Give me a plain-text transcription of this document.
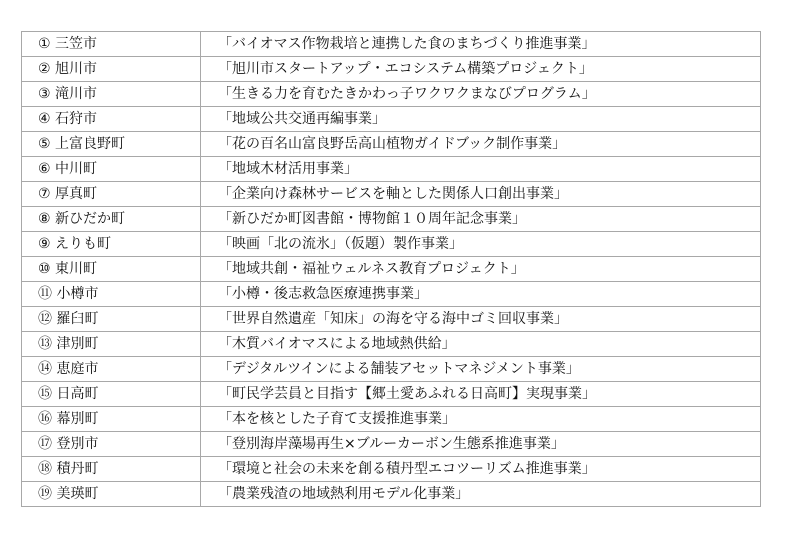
① 三笠市	「バイオマス作物栽培と連携した食のまちづくり推進事業」
② 旭川市	「旭川市スタートアップ・エコシステム構築プロジェクト」
③ 滝川市	「生きる力を育むたきかわっ子ワクワクまなびプログラム」
④ 石狩市	「地域公共交通再編事業」
⑤ 上富良野町	「花の百名山富良野岳高山植物ガイドブック制作事業」
⑥ 中川町	「地域木材活用事業」
⑦ 厚真町	「企業向け森林サービスを軸とした関係人口創出事業」
⑧ 新ひだか町	「新ひだか町図書館・博物館１０周年記念事業」
⑨ えりも町	「映画「北の流氷」（仮題）製作事業」
⑩ 東川町	「地域共創・福祉ウェルネス教育プロジェクト」
⑪ 小樽市	「小樽・後志救急医療連携事業」
⑫ 羅臼町	「世界自然遺産「知床」の海を守る海中ゴミ回収事業」
⑬ 津別町	「木質バイオマスによる地域熱供給」
⑭ 恵庭市	「デジタルツインによる舗装アセットマネジメント事業」
⑮ 日高町	「町民学芸員と目指す【郷土愛あふれる日高町】実現事業」
⑯ 幕別町	「本を核とした子育て支援推進事業」
⑰ 登別市	「登別海岸藻場再生×ブルーカーボン生態系推進事業」
⑱ 積丹町	「環境と社会の未来を創る積丹型エコツーリズム推進事業」
⑲ 美瑛町	「農業残渣の地域熱利用モデル化事業」
